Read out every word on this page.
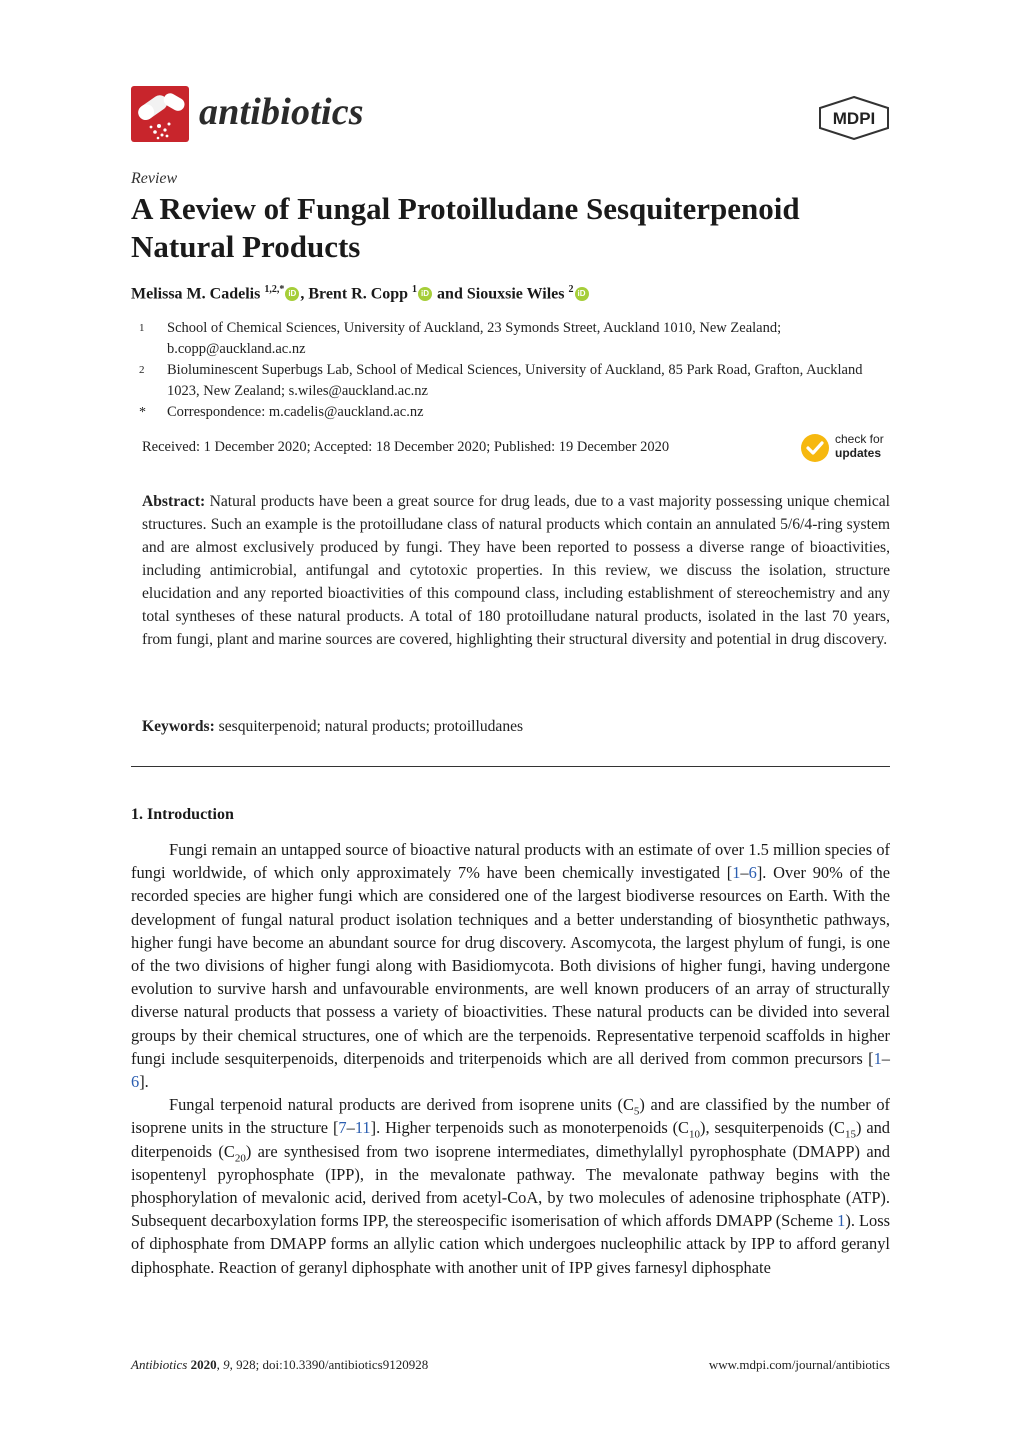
antibiotics	MDPI
Review
A Review of Fungal Protoilludane Sesquiterpenoid Natural Products
Melissa M. Cadelis $^{1,2,*}$ iD , Brent R. Copp $^1$ iD and Siouxsie Wiles $^2$ iD
1 School of Chemical Sciences, University of Auckland, 23 Symonds Street, Auckland 1010, New Zealand; b.copp@auckland.ac.nz
2 Bioluminescent Superbugs Lab, School of Medical Sciences, University of Auckland, 85 Park Road, Grafton, Auckland 1023, New Zealand; s.wiles@auckland.ac.nz
* Correspondence: m.cadelis@auckland.ac.nz
Received: 1 December 2020; Accepted: 18 December 2020; Published: 19 December 2020	check for
updates
Abstract: Natural products have been a great source for drug leads, due to a vast majority possessing unique chemical structures. Such an example is the protoilludane class of natural products which contain an annulated 5/6/4-ring system and are almost exclusively produced by fungi. They have been reported to possess a diverse range of bioactivities, including antimicrobial, antifungal and cytotoxic properties. In this review, we discuss the isolation, structure elucidation and any reported bioactivities of this compound class, including establishment of stereochemistry and any total syntheses of these natural products. A total of 180 protoilludane natural products, isolated in the last 70 years, from fungi, plant and marine sources are covered, highlighting their structural diversity and potential in drug discovery.
Keywords: sesquiterpenoid; natural products; protoilludanes
1. Introduction

Fungi remain an untapped source of bioactive natural products with an estimate of over 1.5 million species of fungi worldwide, of which only approximately 7% have been chemically investigated [1–6]. Over 90% of the recorded species are higher fungi which are considered one of the largest biodiverse resources on Earth. With the development of fungal natural product isolation techniques and a better understanding of biosynthetic pathways, higher fungi have become an abundant source for drug discovery. Ascomycota, the largest phylum of fungi, is one of the two divisions of higher fungi along with Basidiomycota. Both divisions of higher fungi, having undergone evolution to survive harsh and unfavourable environments, are well known producers of an array of structurally diverse natural products that possess a variety of bioactivities. These natural products can be divided into several groups by their chemical structures, one of which are the terpenoids. Representative terpenoid scaffolds in higher fungi include sesquiterpenoids, diterpenoids and triterpenoids which are all derived from common precursors [1–6].

Fungal terpenoid natural products are derived from isoprene units $(C_5)$ and are classified by the number of isoprene units in the structure [7–11]. Higher terpenoids such as monoterpenoids $(C_{10})$, sesquiterpenoids $(C_{15})$ and diterpenoids $(C_{20})$ are synthesised from two isoprene intermediates, dimethylallyl pyrophosphate (DMAPP) and isopentenyl pyrophosphate (IPP), in the mevalonate pathway. The mevalonate pathway begins with the phosphorylation of mevalonic acid, derived from acetyl-CoA, by two molecules of adenosine triphosphate (ATP). Subsequent decarboxylation forms IPP, the stereospecific isomerisation of which affords DMAPP (Scheme 1). Loss of diphosphate from DMAPP forms an allylic cation which undergoes nucleophilic attack by IPP to afford geranyl diphosphate. Reaction of geranyl diphosphate with another unit of IPP gives farnesyl diphosphate

Antibiotics 2020, 9, 928; doi:10.3390/antibiotics9120928	www.mdpi.com/journal/antibiotics
